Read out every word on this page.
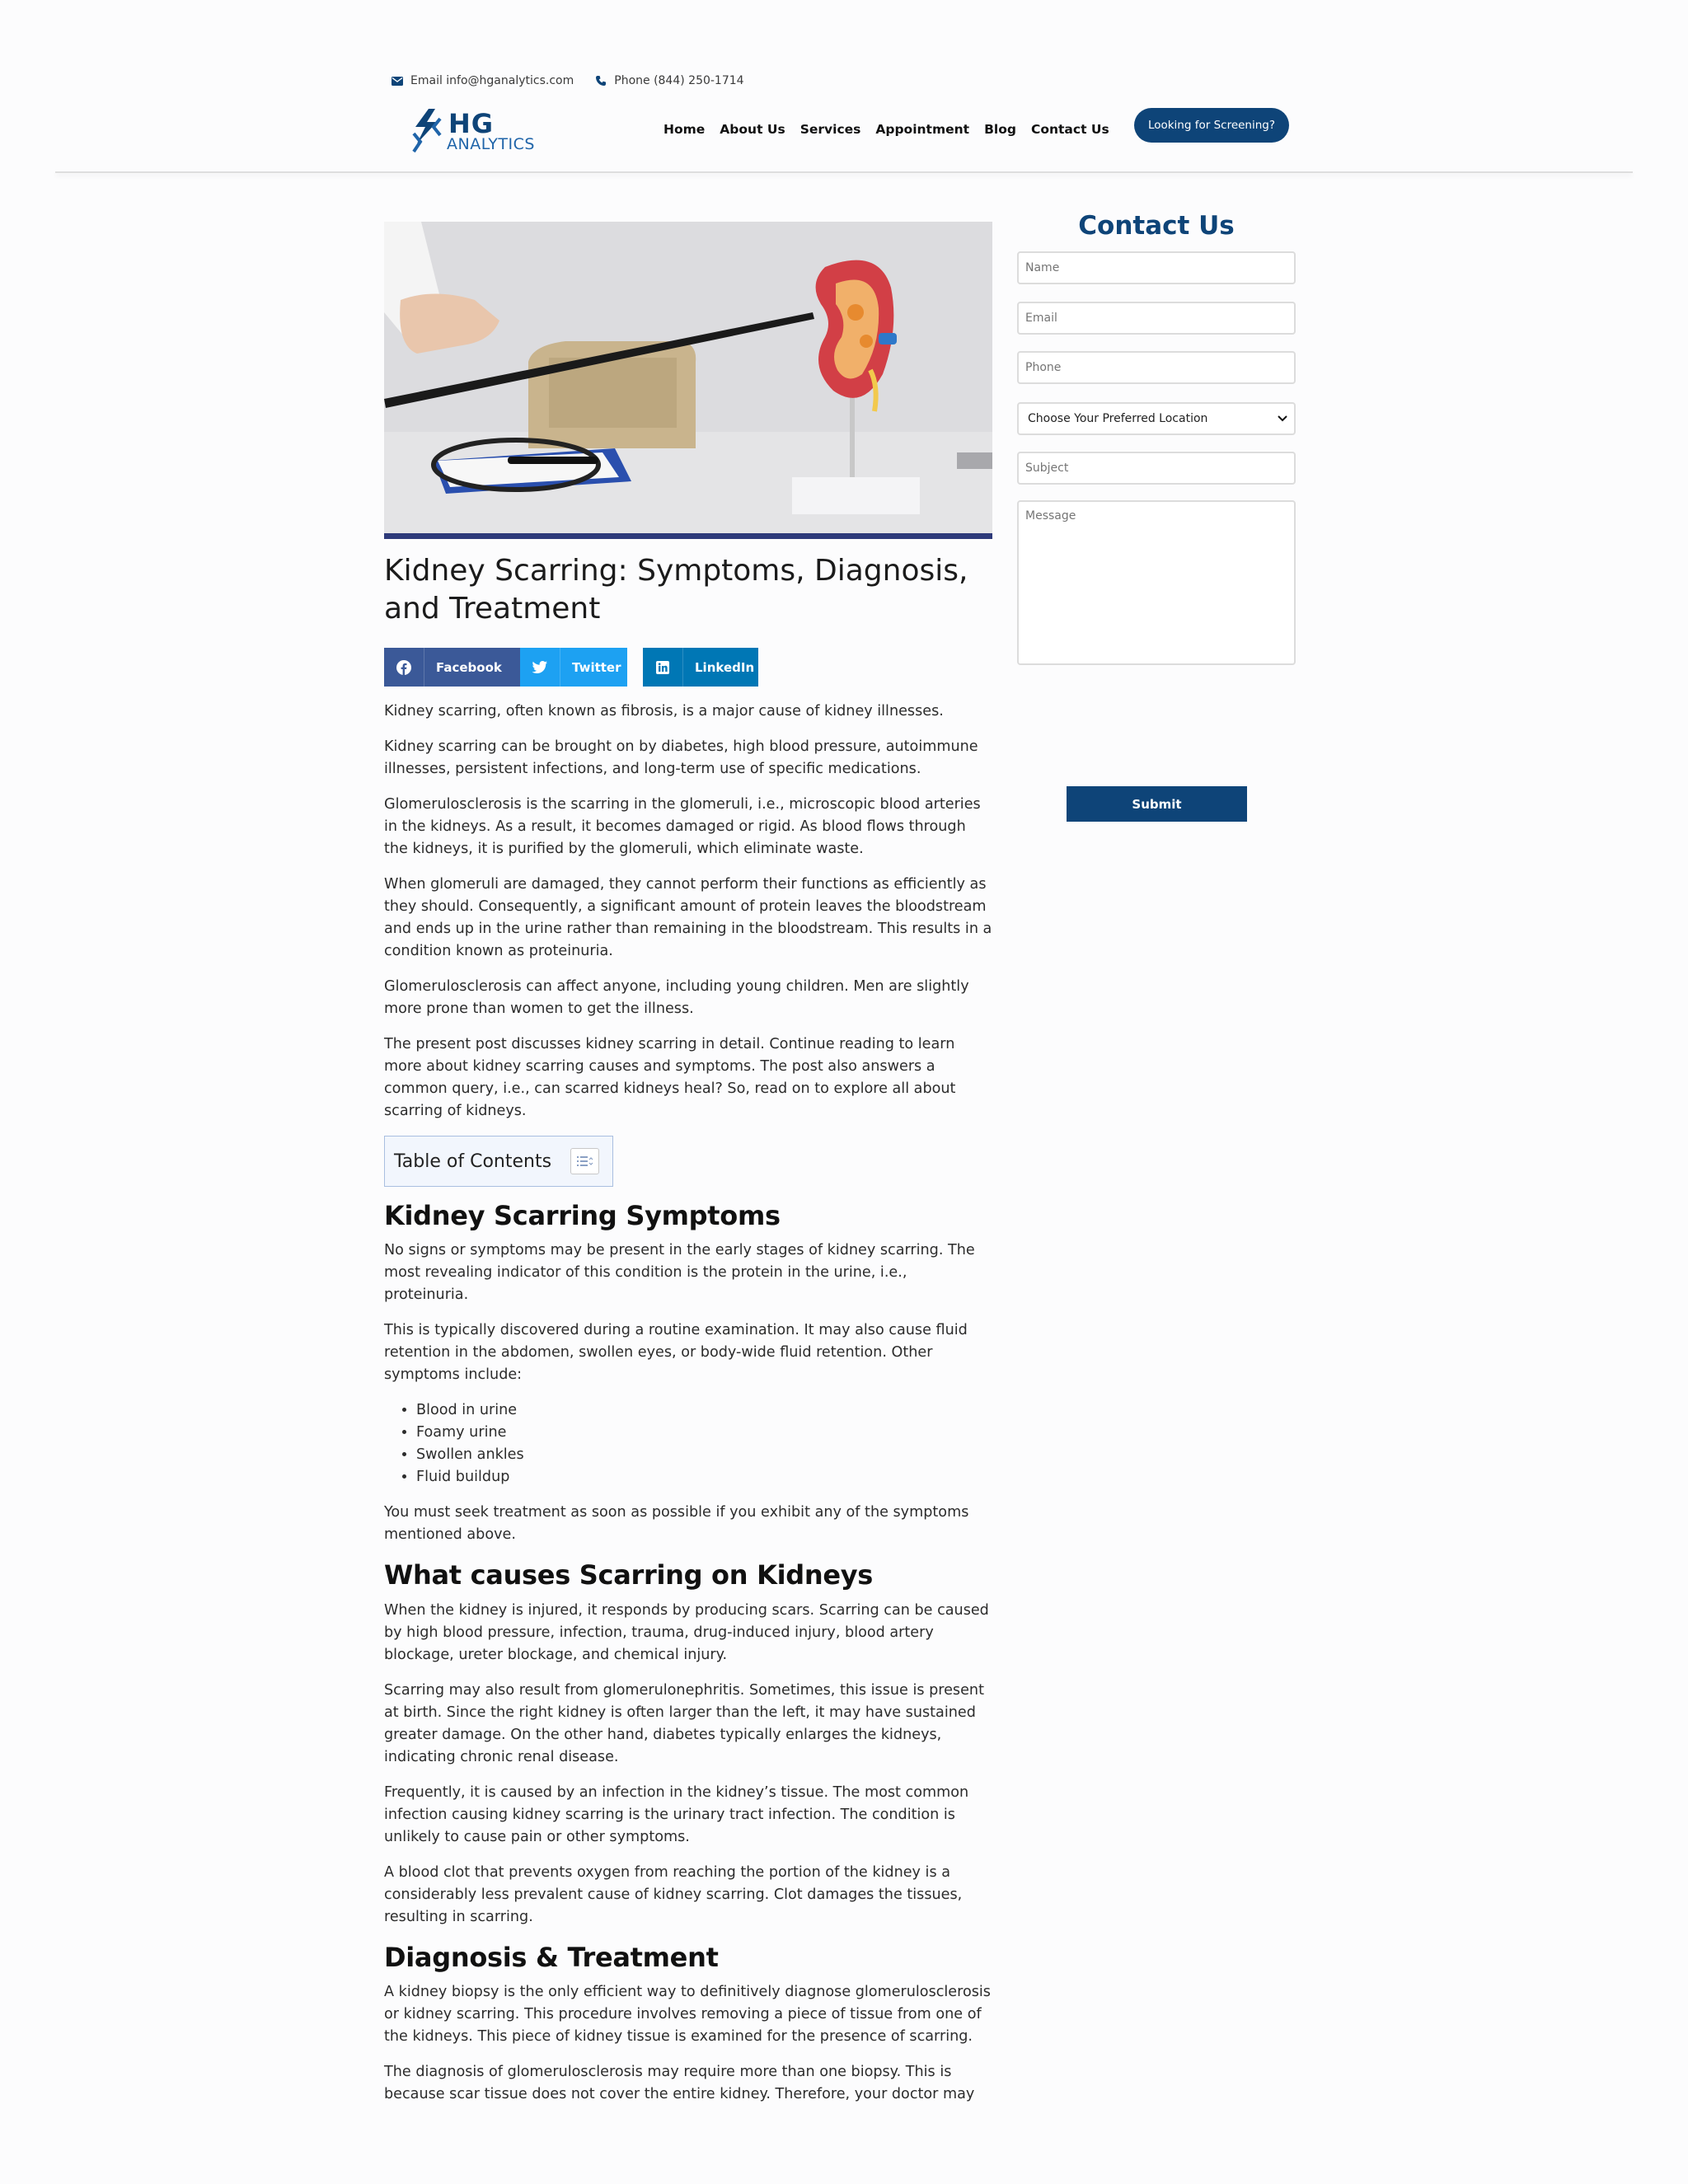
Email info@hganalytics.com	Phone (844) 250-1714
HG
ANALYTICS
Home About Us Services Appointment Blog Contact Us	Looking for Screening?
Kidney Scarring: Symptoms, Diagnosis, and Treatment
Facebook	Twitter	LinkedIn

Kidney scarring, often known as fibrosis, is a major cause of kidney illnesses.

Kidney scarring can be brought on by diabetes, high blood pressure, autoimmune illnesses, persistent infections, and long-term use of specific medications.

Glomerulosclerosis is the scarring in the glomeruli, i.e., microscopic blood arteries in the kidneys. As a result, it becomes damaged or rigid. As blood flows through the kidneys, it is purified by the glomeruli, which eliminate waste.

When glomeruli are damaged, they cannot perform their functions as efficiently as they should. Consequently, a significant amount of protein leaves the bloodstream and ends up in the urine rather than remaining in the bloodstream. This results in a condition known as proteinuria.

Glomerulosclerosis can affect anyone, including young children. Men are slightly more prone than women to get the illness.

The present post discusses kidney scarring in detail. Continue reading to learn more about kidney scarring causes and symptoms. The post also answers a common query, i.e., can scarred kidneys heal? So, read on to explore all about scarring of kidneys.

Table of Contents
Kidney Scarring Symptoms

No signs or symptoms may be present in the early stages of kidney scarring. The most revealing indicator of this condition is the protein in the urine, i.e., proteinuria.

This is typically discovered during a routine examination. It may also cause fluid retention in the abdomen, swollen eyes, or body-wide fluid retention. Other symptoms include:

• Blood in urine
• Foamy urine
• Swollen ankles
• Fluid buildup

You must seek treatment as soon as possible if you exhibit any of the symptoms mentioned above.

What causes Scarring on Kidneys

When the kidney is injured, it responds by producing scars. Scarring can be caused by high blood pressure, infection, trauma, drug-induced injury, blood artery blockage, ureter blockage, and chemical injury.

Scarring may also result from glomerulonephritis. Sometimes, this issue is present at birth. Since the right kidney is often larger than the left, it may have sustained greater damage. On the other hand, diabetes typically enlarges the kidneys, indicating chronic renal disease.

Frequently, it is caused by an infection in the kidney’s tissue. The most common infection causing kidney scarring is the urinary tract infection. The condition is unlikely to cause pain or other symptoms.

A blood clot that prevents oxygen from reaching the portion of the kidney is a considerably less prevalent cause of kidney scarring. Clot damages the tissues, resulting in scarring.

Diagnosis & Treatment

A kidney biopsy is the only efficient way to definitively diagnose glomerulosclerosis or kidney scarring. This procedure involves removing a piece of tissue from one of the kidneys. This piece of kidney tissue is examined for the presence of scarring.

The diagnosis of glomerulosclerosis may require more than one biopsy. This is because scar tissue does not cover the entire kidney. Therefore, your doctor may

Contact Us
Name
Email
Phone
Choose Your Preferred Location
Subject
Message
Submit
